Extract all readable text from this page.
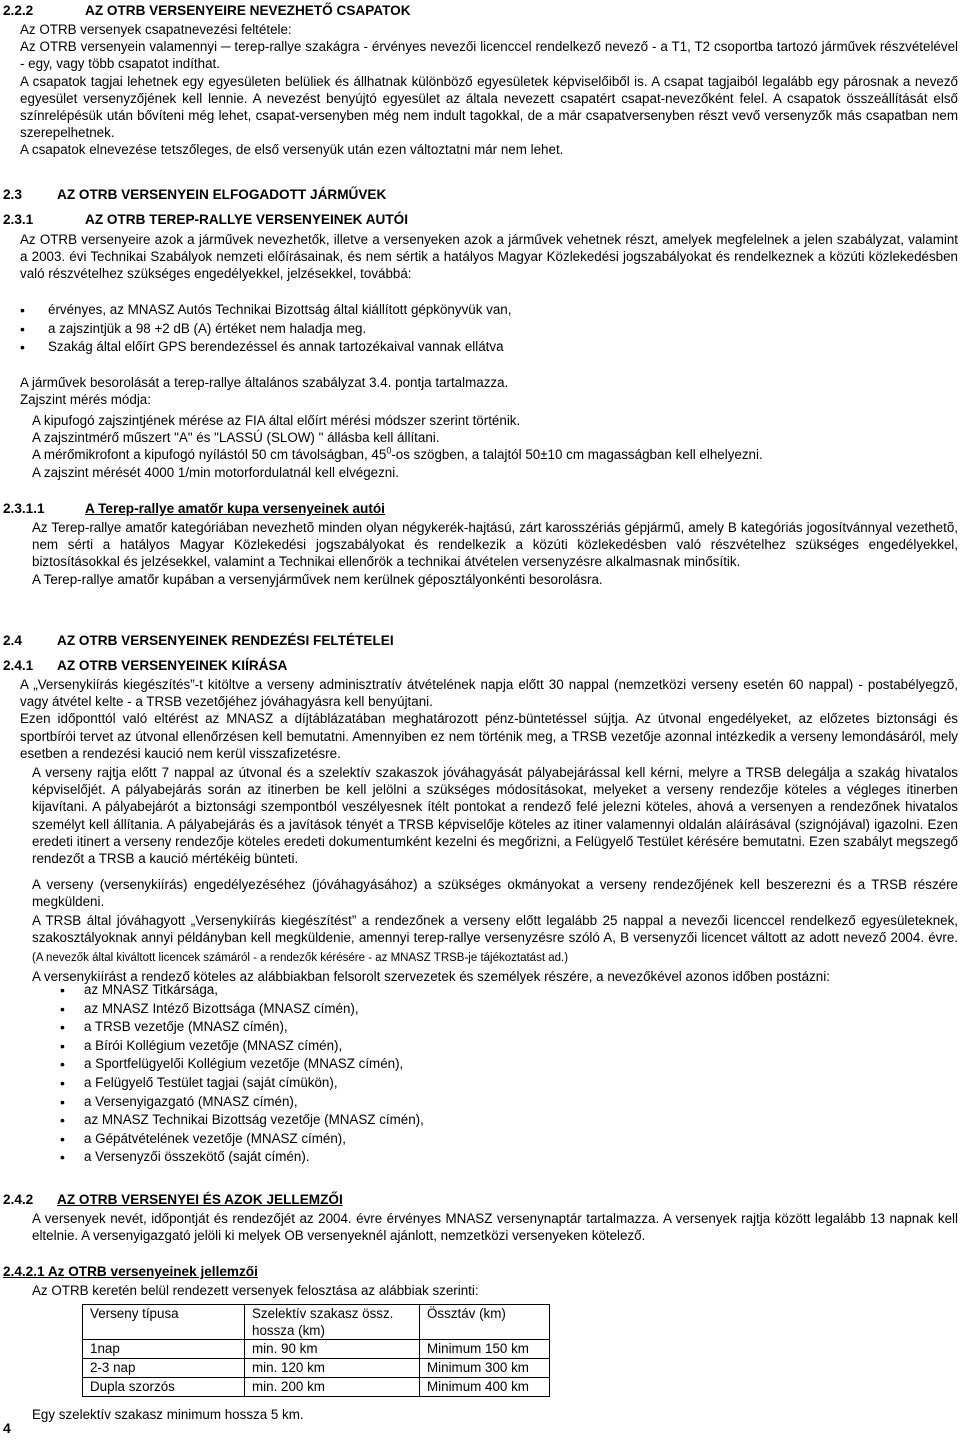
2.2.2	AZ OTRB VERSENYEIRE NEVEZHETŐ CSAPATOK

Az OTRB versenyek csapatnevezési feltétele:

Az OTRB versenyein valamennyi ─ terep-rallye szakágra - érvényes nevezői licenccel rendelkező nevező - a T1, T2 csoportba tartozó járművek részvételével - egy, vagy több csapatot indíthat.

A csapatok tagjai lehetnek egy egyesületen belüliek és állhatnak különböző egyesületek képviselőiből is. A csapat tagjaiból legalább egy párosnak a nevező egyesület versenyzőjének kell lennie. A nevezést benyújtó egyesület az általa nevezett csapatért csapat-nevezőként felel. A csapatok összeállítását első színrelépésük után bővíteni még lehet, csapat-versenyben még nem indult tagokkal, de a már csapatversenyben részt vevő versenyzők más csapatban nem szerepelhetnek.

A csapatok elnevezése tetszőleges, de első versenyük után ezen változtatni már nem lehet.

2.3	AZ OTRB VERSENYEIN ELFOGADOTT JÁRMŰVEK
2.3.1	AZ OTRB TEREP-RALLYE VERSENYEINEK AUTÓI

Az OTRB versenyeire azok a járművek nevezhetők, illetve a versenyeken azok a járművek vehetnek részt, amelyek megfelelnek a jelen szabályzat, valamint a 2003. évi Technikai Szabályok nemzeti előírásainak, és nem sértik a hatályos Magyar Közlekedési jogszabályokat és rendelkeznek a közúti közlekedésben való részvételhez szükséges engedélyekkel, jelzésekkel, továbbá:

• érvényes, az MNASZ Autós Technikai Bizottság által kiállított gépkönyvük van,
• a zajszintjük a 98 +2 dB (A) értéket nem haladja meg.
• Szakág által előírt GPS berendezéssel és annak tartozékaival vannak ellátva

A járművek besorolását a terep-rallye általános szabályzat 3.4. pontja tartalmazza.

Zajszint mérés módja:

A kipufogó zajszintjének mérése az FIA által előírt mérési módszer szerint történik.

A zajszintmérő műszert "A" és "LASSÚ (SLOW) " állásba kell állítani.

A mérőmikrofont a kipufogó nyílástól 50 cm távolságban, $45^0-os$ szögben, a talajtól 50±10 cm magasságban kell elhelyezni.

A zajszint mérését 4000 1/min motorfordulatnál kell elvégezni.

2.3.1.1	A Terep-rallye amatőr kupa versenyeinek autói

Az Terep-rallye amatőr kategóriában nevezhetõ minden olyan négykerék-hajtású, zárt karosszériás gépjármű, amely B kategóriás jogosítvánnyal vezethetõ, nem sérti a hatályos Magyar Közlekedési jogszabályokat és rendelkezik a közúti közlekedésben való részvételhez szükséges engedélyekkel, biztosításokkal és jelzésekkel, valamint a Technikai ellenőrök a technikai átvételen versenyzésre alkalmasnak minősítik.

A Terep-rallye amatőr kupában a versenyjárművek nem kerülnek géposztályonkénti besorolásra.

2.4	AZ OTRB VERSENYEINEK RENDEZÉSI FELTÉTELEI
2.4.1 AZ OTRB VERSENYEINEK KIÍRÁSA

A „Versenykiírás kiegészítés”-t kitöltve a verseny adminisztratív átvételének napja előtt 30 nappal (nemzetközi verseny esetén 60 nappal) - postabélyegzõ, vagy átvétel kelte - a TRSB vezetőjéhez jóváhagyásra kell benyújtani.

Ezen időponttól való eltérést az MNASZ a díjtáblázatában meghatározott pénz-büntetéssel sújtja. Az útvonal engedélyeket, az előzetes biztonsági és sportbírói tervet az útvonal ellenőrzésen kell bemutatni. Amennyiben ez nem történik meg, a TRSB vezetője azonnal intézkedik a verseny lemondásáról, mely esetben a rendezési kaució nem kerül visszafizetésre.

A verseny rajtja előtt 7 nappal az útvonal és a szelektív szakaszok jóváhagyását pályabejárással kell kérni, melyre a TRSB delegálja a szakág hivatalos képviselőjét. A pályabejárás során az itinerben be kell jelölni a szükséges módosításokat, melyeket a verseny rendezője köteles a végleges itinerben kijavítani. A pályabejárót a biztonsági szempontból veszélyesnek ítélt pontokat a rendező felé jelezni köteles, ahová a versenyen a rendezőnek hivatalos személyt kell állítania. A pályabejárás és a javítások tényét a TRSB képviselője köteles az itiner valamennyi oldalán aláírásával (szignójával) igazolni. Ezen eredeti itinert a verseny rendezője köteles eredeti dokumentumként kezelni és megőrizni, a Felügyelő Testület kérésére bemutatni. Ezen szabályt megszegő rendezőt a TRSB a kaució mértékéig bünteti.

A verseny (versenykiírás) engedélyezéséhez (jóváhagyásához) a szükséges okmányokat a verseny rendezőjének kell beszerezni és a TRSB részére megküldeni.

A TRSB által jóváhagyott „Versenykiírás kiegészítést” a rendezőnek a verseny előtt legalább 25 nappal a nevezői licenccel rendelkező egyesületeknek, szakosztályoknak annyi példányban kell megküldenie, amennyi terep-rallye versenyzésre szóló A, B versenyzői licencet váltott az adott nevező 2004. évre. (A nevezők által kiváltott licencek számáról - a rendezők kérésére - az MNASZ TRSB-je tájékoztatást ad.)

A versenykiírást a rendező köteles az alábbiakban felsorolt szervezetek és személyek részére, a nevezőkével azonos időben postázni:

• az MNASZ Titkársága,
• az MNASZ Intéző Bizottsága (MNASZ címén),
• a TRSB vezetője (MNASZ címén),
• a Bírói Kollégium vezetője (MNASZ címén),
• a Sportfelügyelői Kollégium vezetője (MNASZ címén),
• a Felügyelő Testület tagjai (saját címükön),
• a Versenyigazgató (MNASZ címén),
• az MNASZ Technikai Bizottság vezetője (MNASZ címén),
• a Gépátvételének vezetője (MNASZ címén),
• a Versenyzői összekötő (saját címén).
2.4.2 AZ OTRB VERSENYEI ÉS AZOK JELLEMZŐI

A versenyek nevét, időpontját és rendezőjét az 2004. évre érvényes MNASZ versenynaptár tartalmazza. A versenyek rajtja között legalább 13 napnak kell eltelnie. A versenyigazgató jelöli ki melyek OB versenyeknél ajánlott, nemzetközi versenyeken kötelező.

2.4.2.1 Az OTRB versenyeinek jellemzői

Az OTRB keretén belül rendezett versenyek felosztása az alábbiak szerinti:

Verseny típusa	Szelektív szakasz össz. hossza (km)	Össztáv (km)
1nap	min. 90 km	Minimum 150 km
2-3 nap	min. 120 km	Minimum 300 km
Dupla szorzós	min. 200 km	Minimum 400 km

Egy szelektív szakasz minimum hossza 5 km.

4
